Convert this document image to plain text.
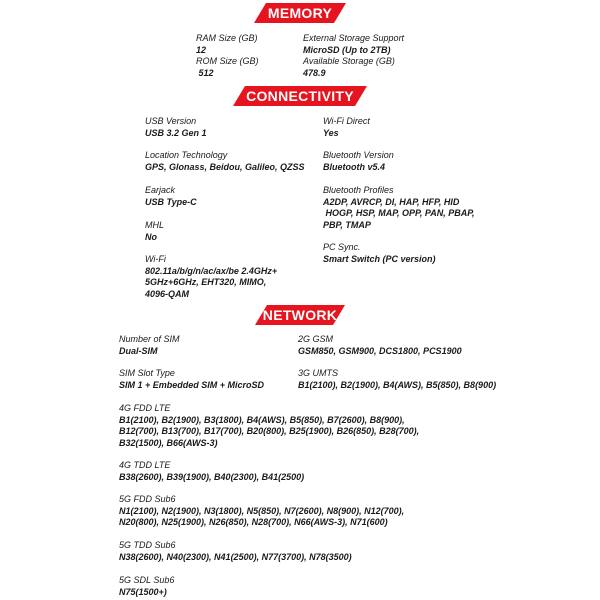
MEMORY
RAM Size (GB)
12
ROM Size (GB)
512
External Storage Support
MicroSD (Up to 2TB)
Available Storage (GB)
478.9
CONNECTIVITY
USB Version
USB 3.2 Gen 1
Location Technology
GPS, Glonass, Beidou, Galileo, QZSS
Earjack
USB Type-C
MHL
No
Wi-Fi
802.11a/b/g/n/ac/ax/be 2.4GHz+
5GHz+6GHz, EHT320, MIMO,
4096-QAM
Wi-Fi Direct
Yes
Bluetooth Version
Bluetooth v5.4
Bluetooth Profiles
A2DP, AVRCP, DI, HAP, HFP, HID
HOGP, HSP, MAP, OPP, PAN, PBAP,
PBP, TMAP
PC Sync.
Smart Switch (PC version)
NETWORK
Number of SIM
Dual-SIM
SIM Slot Type
SIM 1 + Embedded SIM + MicroSD
2G GSM
GSM850, GSM900, DCS1800, PCS1900
3G UMTS
B1(2100), B2(1900), B4(AWS), B5(850), B8(900)
4G FDD LTE
B1(2100), B2(1900), B3(1800), B4(AWS), B5(850), B7(2600), B8(900),
B12(700), B13(700), B17(700), B20(800), B25(1900), B26(850), B28(700),
B32(1500), B66(AWS-3)
4G TDD LTE
B38(2600), B39(1900), B40(2300), B41(2500)
5G FDD Sub6
N1(2100), N2(1900), N3(1800), N5(850), N7(2600), N8(900), N12(700),
N20(800), N25(1900), N26(850), N28(700), N66(AWS-3), N71(600)
5G TDD Sub6
N38(2600), N40(2300), N41(2500), N77(3700), N78(3500)
5G SDL Sub6
N75(1500+)
